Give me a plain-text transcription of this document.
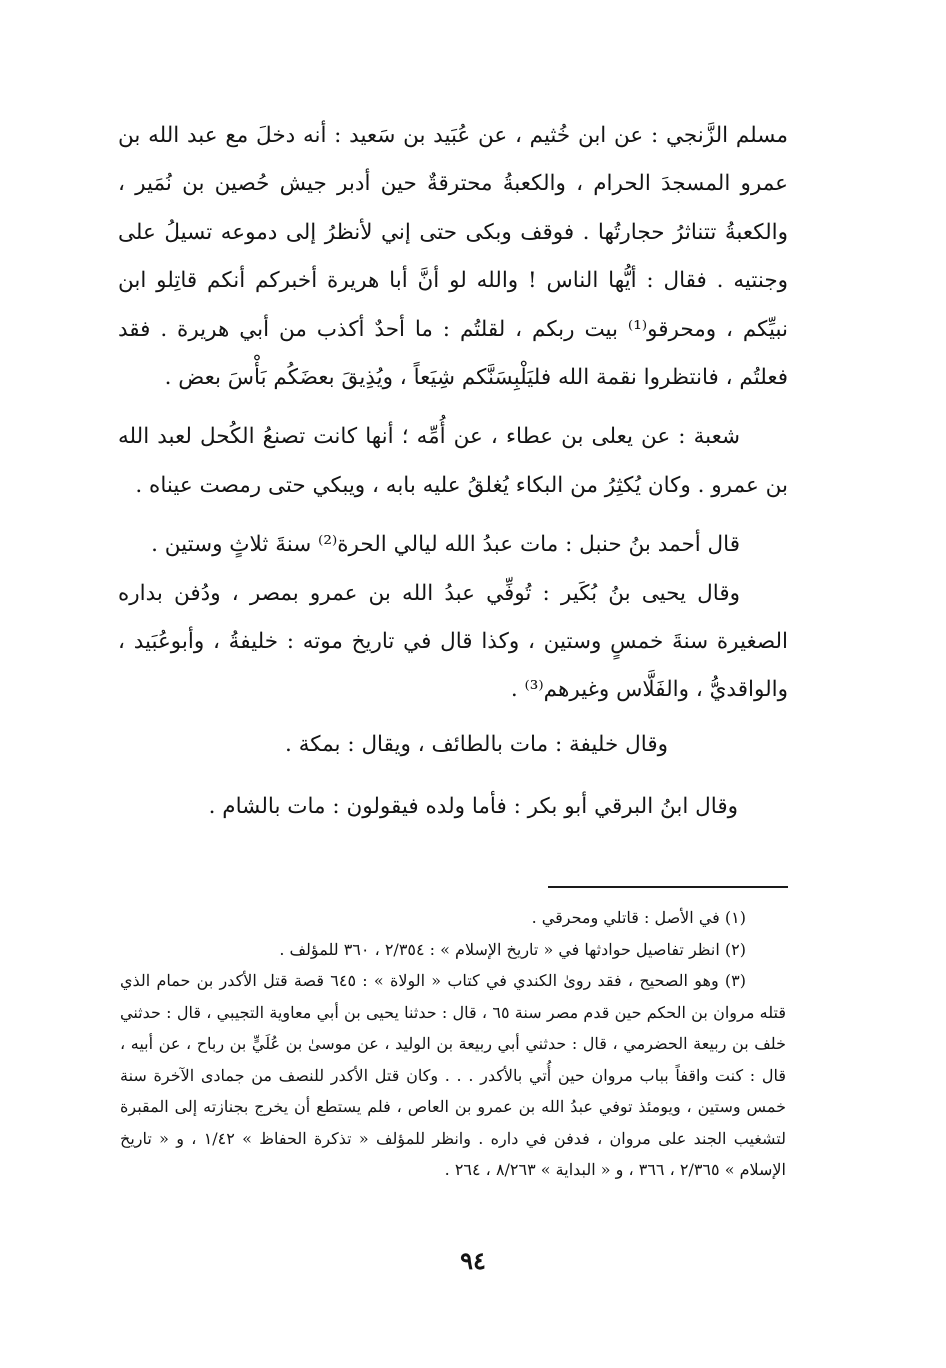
مسلم الزَّنجي : عن ابن خُثيم ، عن عُبَيد بن سَعيد : أنه دخلَ مع عبد الله بن عمرو المسجدَ الحرام ، والكعبةُ محترقةٌ حين أدبر جيش حُصين بن نُمَير ، والكعبةُ تتناثرُ حجارتُها . فوقف وبكى حتى إني لأنظرُ إلى دموعه تسيلُ على وجنتيه . فقال : أيُّها الناس ! والله لو أنَّ أبا هريرة أخبركم أنكم قاتِلو ابن نبيِّكم ، ومحرقو⁽¹⁾ بيت ربكم ، لقلتُم : ما أحدٌ أكذب من أبي هريرة . فقد فعلتُم ، فانتظروا نقمة الله فليَلْبِسَنَّكم شِيَعاً ، ويُذِيقَ بعضَكُم بَأْسَ بعض .

شعبة : عن يعلى بن عطاء ، عن أُمِّه ؛ أنها كانت تصنعُ الكُحل لعبد الله بن عمرو . وكان يُكثِرُ من البكاء يُغلقُ عليه بابه ، ويبكي حتى رمصت عيناه .

قال أحمد بنُ حنبل : مات عبدُ الله ليالي الحرة⁽²⁾ سنةَ ثلاثٍ وستين .

وقال يحيى بنُ بُكَير : تُوفِّي عبدُ الله بن عمرو بمصر ، ودُفن بداره الصغيرة سنةَ خمسٍ وستين ، وكذا قال في تاريخ موته : خليفةُ ، وأبوعُبَيد ، والواقديُّ ، والفَلَّاس وغيرهم⁽³⁾ .

وقال خليفة : مات بالطائف ، ويقال : بمكة .

وقال ابنُ البرقي أبو بكر : فأما ولده فيقولون : مات بالشام .

(١) في الأصل : قاتلي ومحرقي .

(٢) انظر تفاصيل حوادثها في « تاريخ الإسلام » : ٢/٣٥٤ ، ٣٦٠ للمؤلف .

(٣) وهو الصحيح ، فقد روىٰ الكندي في كتاب « الولاة » : ٦٤٥ قصة قتل الأكدر بن حمام الذي قتله مروان بن الحكم حين قدم مصر سنة ٦٥ ، قال : حدثنا يحيى بن أبي معاوية التجيبي ، قال : حدثني خلف بن ربيعة الحضرمي ، قال : حدثني أبي ربيعة بن الوليد ، عن موسىٰ بن عُلَيٍّ بن رباح ، عن أبيه ، قال : كنت واقفاً بباب مروان حين أُتي بالأكدر . . . وكان قتل الأكدر للنصف من جمادى الآخرة سنة خمس وستين ، ويومئذ توفي عبدُ الله بن عمرو بن العاص ، فلم يستطع أن يخرج بجنازته إلى المقبرة لتشغيب الجند على مروان ، فدفن في داره . وانظر للمؤلف « تذكرة الحفاظ » ١/٤٢ ، و « تاريخ الإسلام » ٢/٣٦٥ ، ٣٦٦ ، و « البداية » ٨/٢٦٣ ، ٢٦٤ .

٩٤
